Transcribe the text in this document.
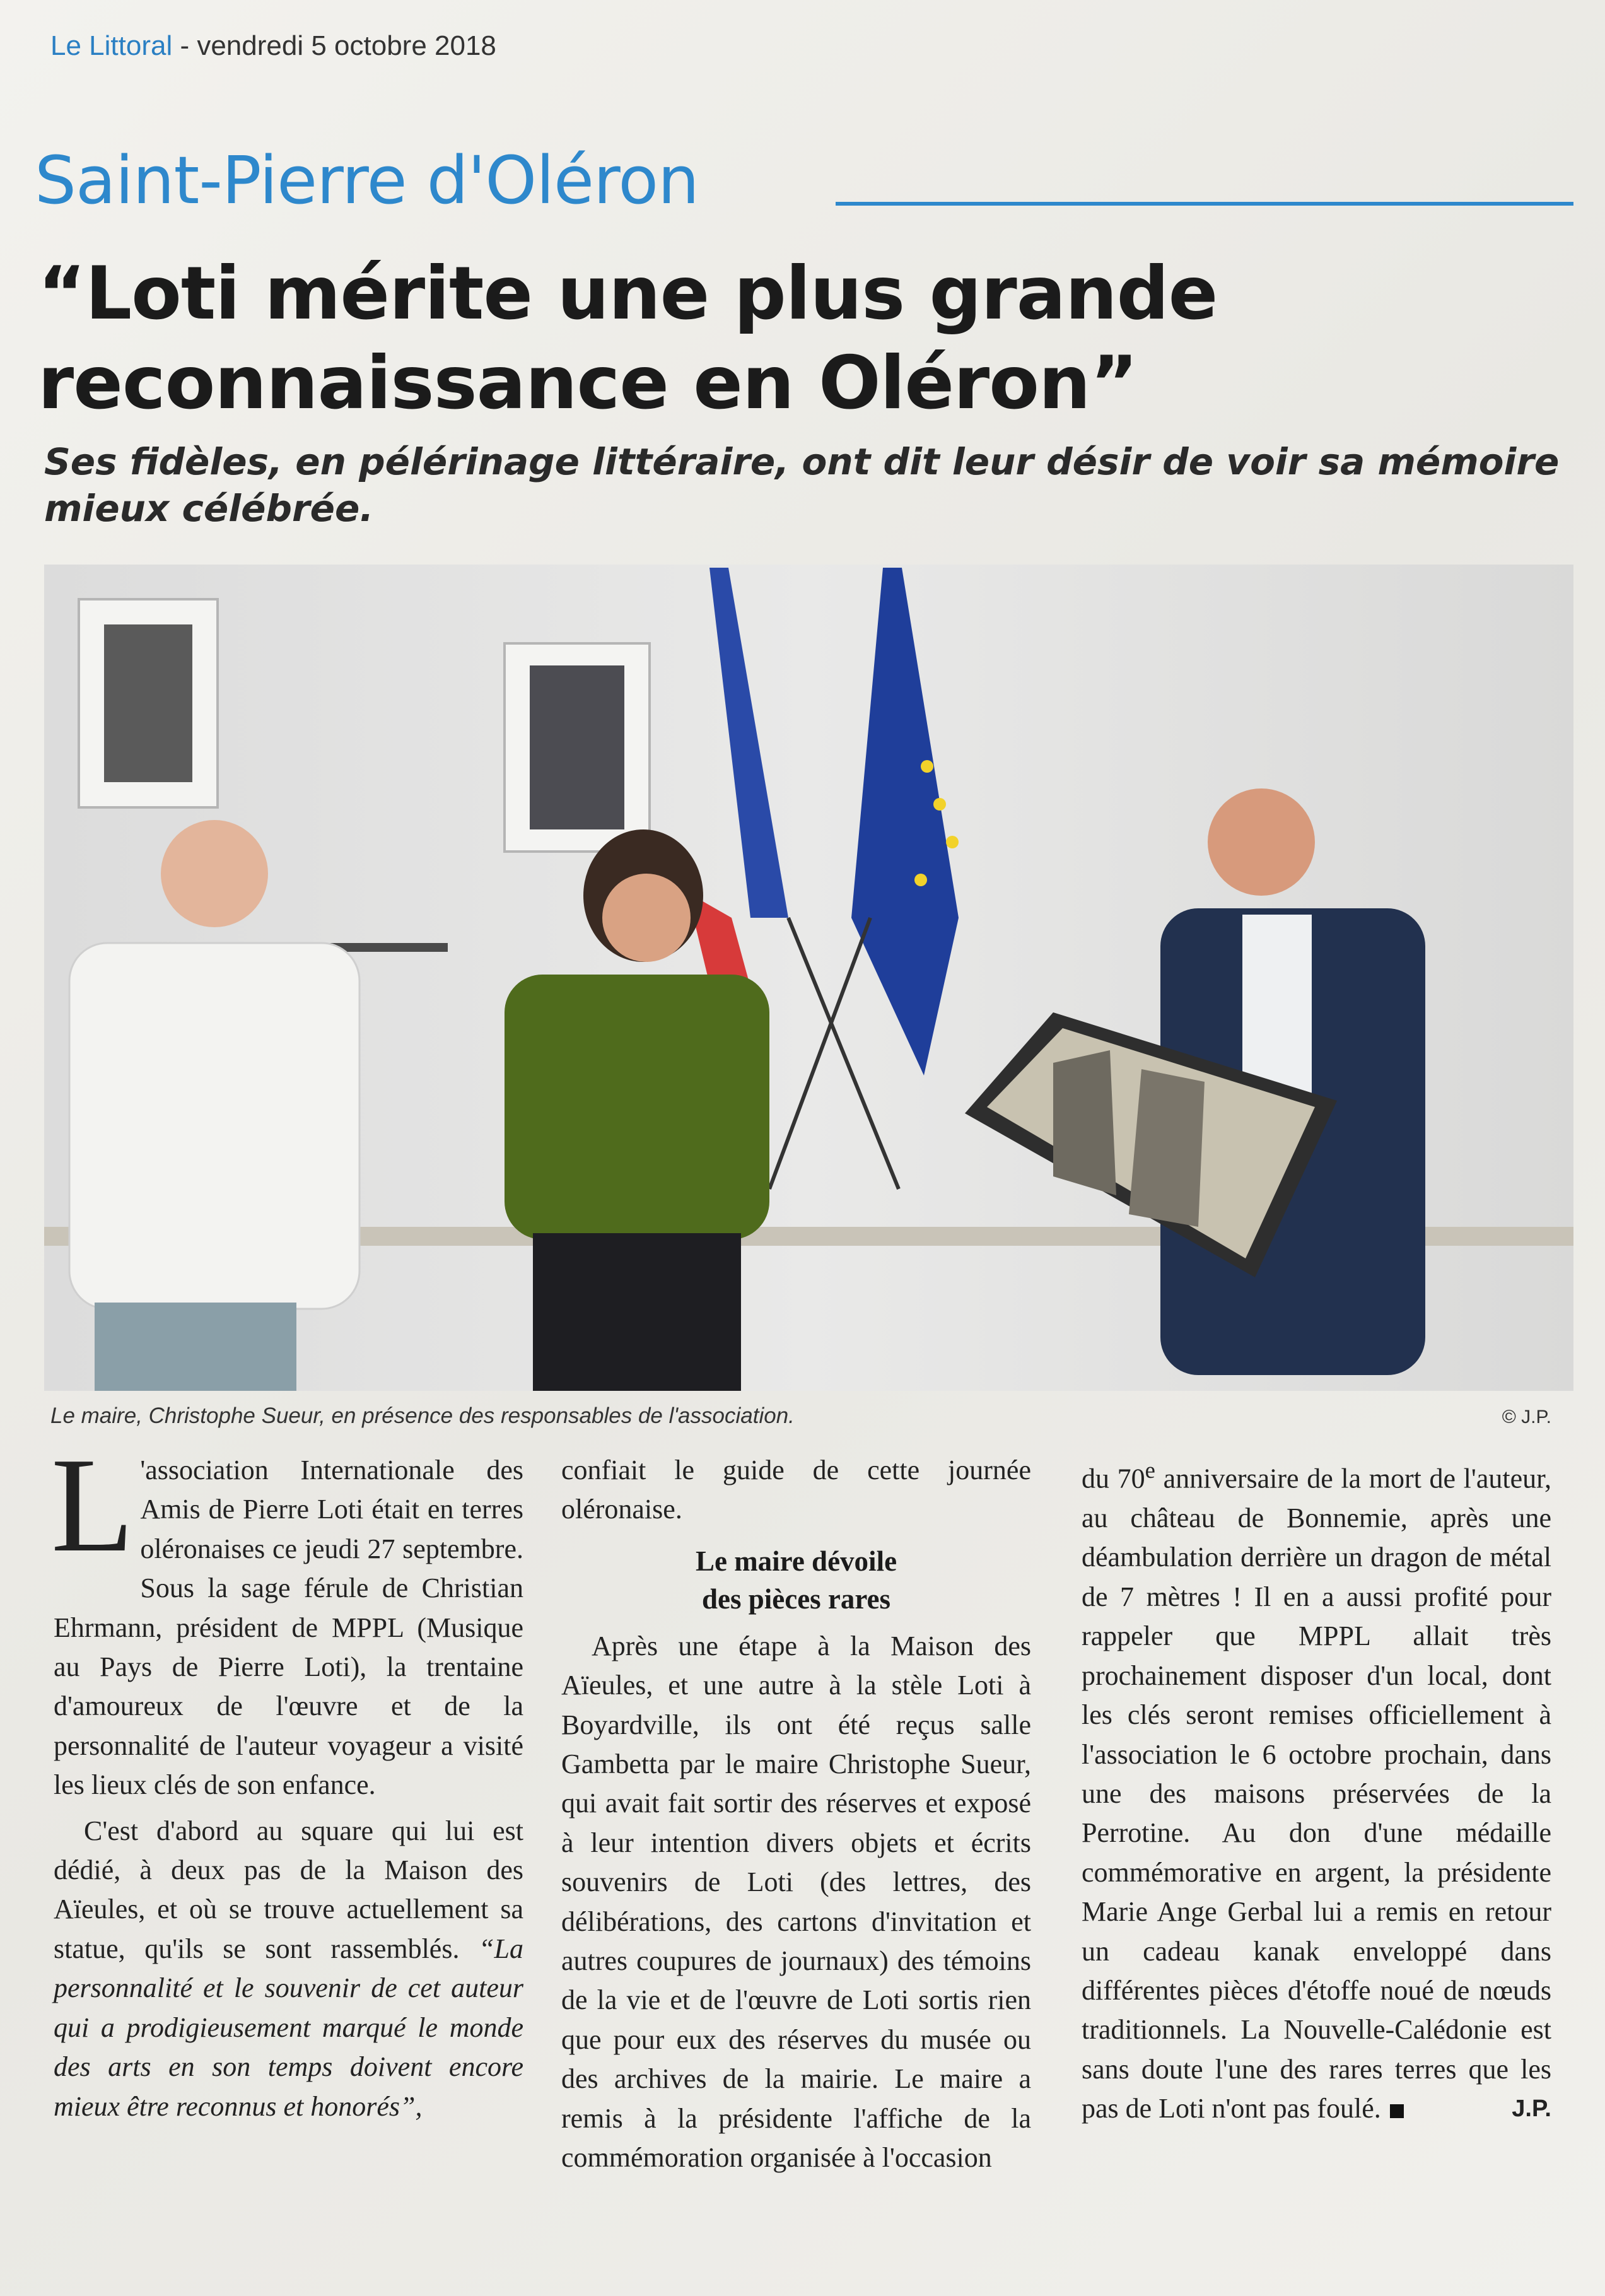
Le Littoral - vendredi 5 octobre 2018
Saint-Pierre d'Oléron
“Loti mérite une plus grande reconnaissance en Oléron”
Ses fidèles, en pélérinage littéraire, ont dit leur désir de voir sa mémoire mieux célébrée.
Le maire, Christophe Sueur, en présence des responsables de l'association.	© J.P.

L 'association Internationale des Amis de Pierre Loti était en terres oléronaises ce jeudi 27 septembre. Sous la sage férule de Christian Ehrmann, président de MPPL (Musique au Pays de Pierre Loti), la trentaine d'amoureux de l'œuvre et de la personnalité de l'auteur voyageur a visité les lieux clés de son enfance.

C'est d'abord au square qui lui est dédié, à deux pas de la Maison des Aïeules, et où se trouve actuellement sa statue, qu'ils se sont rassemblés. “La personnalité et le souvenir de cet auteur qui a prodigieusement marqué le monde des arts en son temps doivent encore mieux être reconnus et honorés”,

confiait le guide de cette journée oléronaise.

Le maire dévoile
des pièces rares

Après une étape à la Maison des Aïeules, et une autre à la stèle Loti à Boyardville, ils ont été reçus salle Gambetta par le maire Christophe Sueur, qui avait fait sortir des réserves et exposé à leur intention divers objets et écrits souvenirs de Loti (des lettres, des délibérations, des cartons d'invitation et autres coupures de journaux) des témoins de la vie et de l'œuvre de Loti sortis rien que pour eux des réserves du musée ou des archives de la mairie. Le maire a remis à la présidente l'affiche de la commémoration organisée à l'occasion

du 70e anniversaire de la mort de l'auteur, au château de Bonnemie, après une déambulation derrière un dragon de métal de 7 mètres ! Il en a aussi profité pour rappeler que MPPL allait très prochainement disposer d'un local, dont les clés seront remises officiellement à l'association le 6 octobre prochain, dans une des maisons préservées de la Perrotine. Au don d'une médaille commémorative en argent, la présidente Marie Ange Gerbal lui a remis en retour un cadeau kanak enveloppé dans différentes pièces d'étoffe noué de nœuds traditionnels. La Nouvelle-Calédonie est sans doute l'une des rares terres que les pas de Loti n'ont pas foulé.	J.P.
